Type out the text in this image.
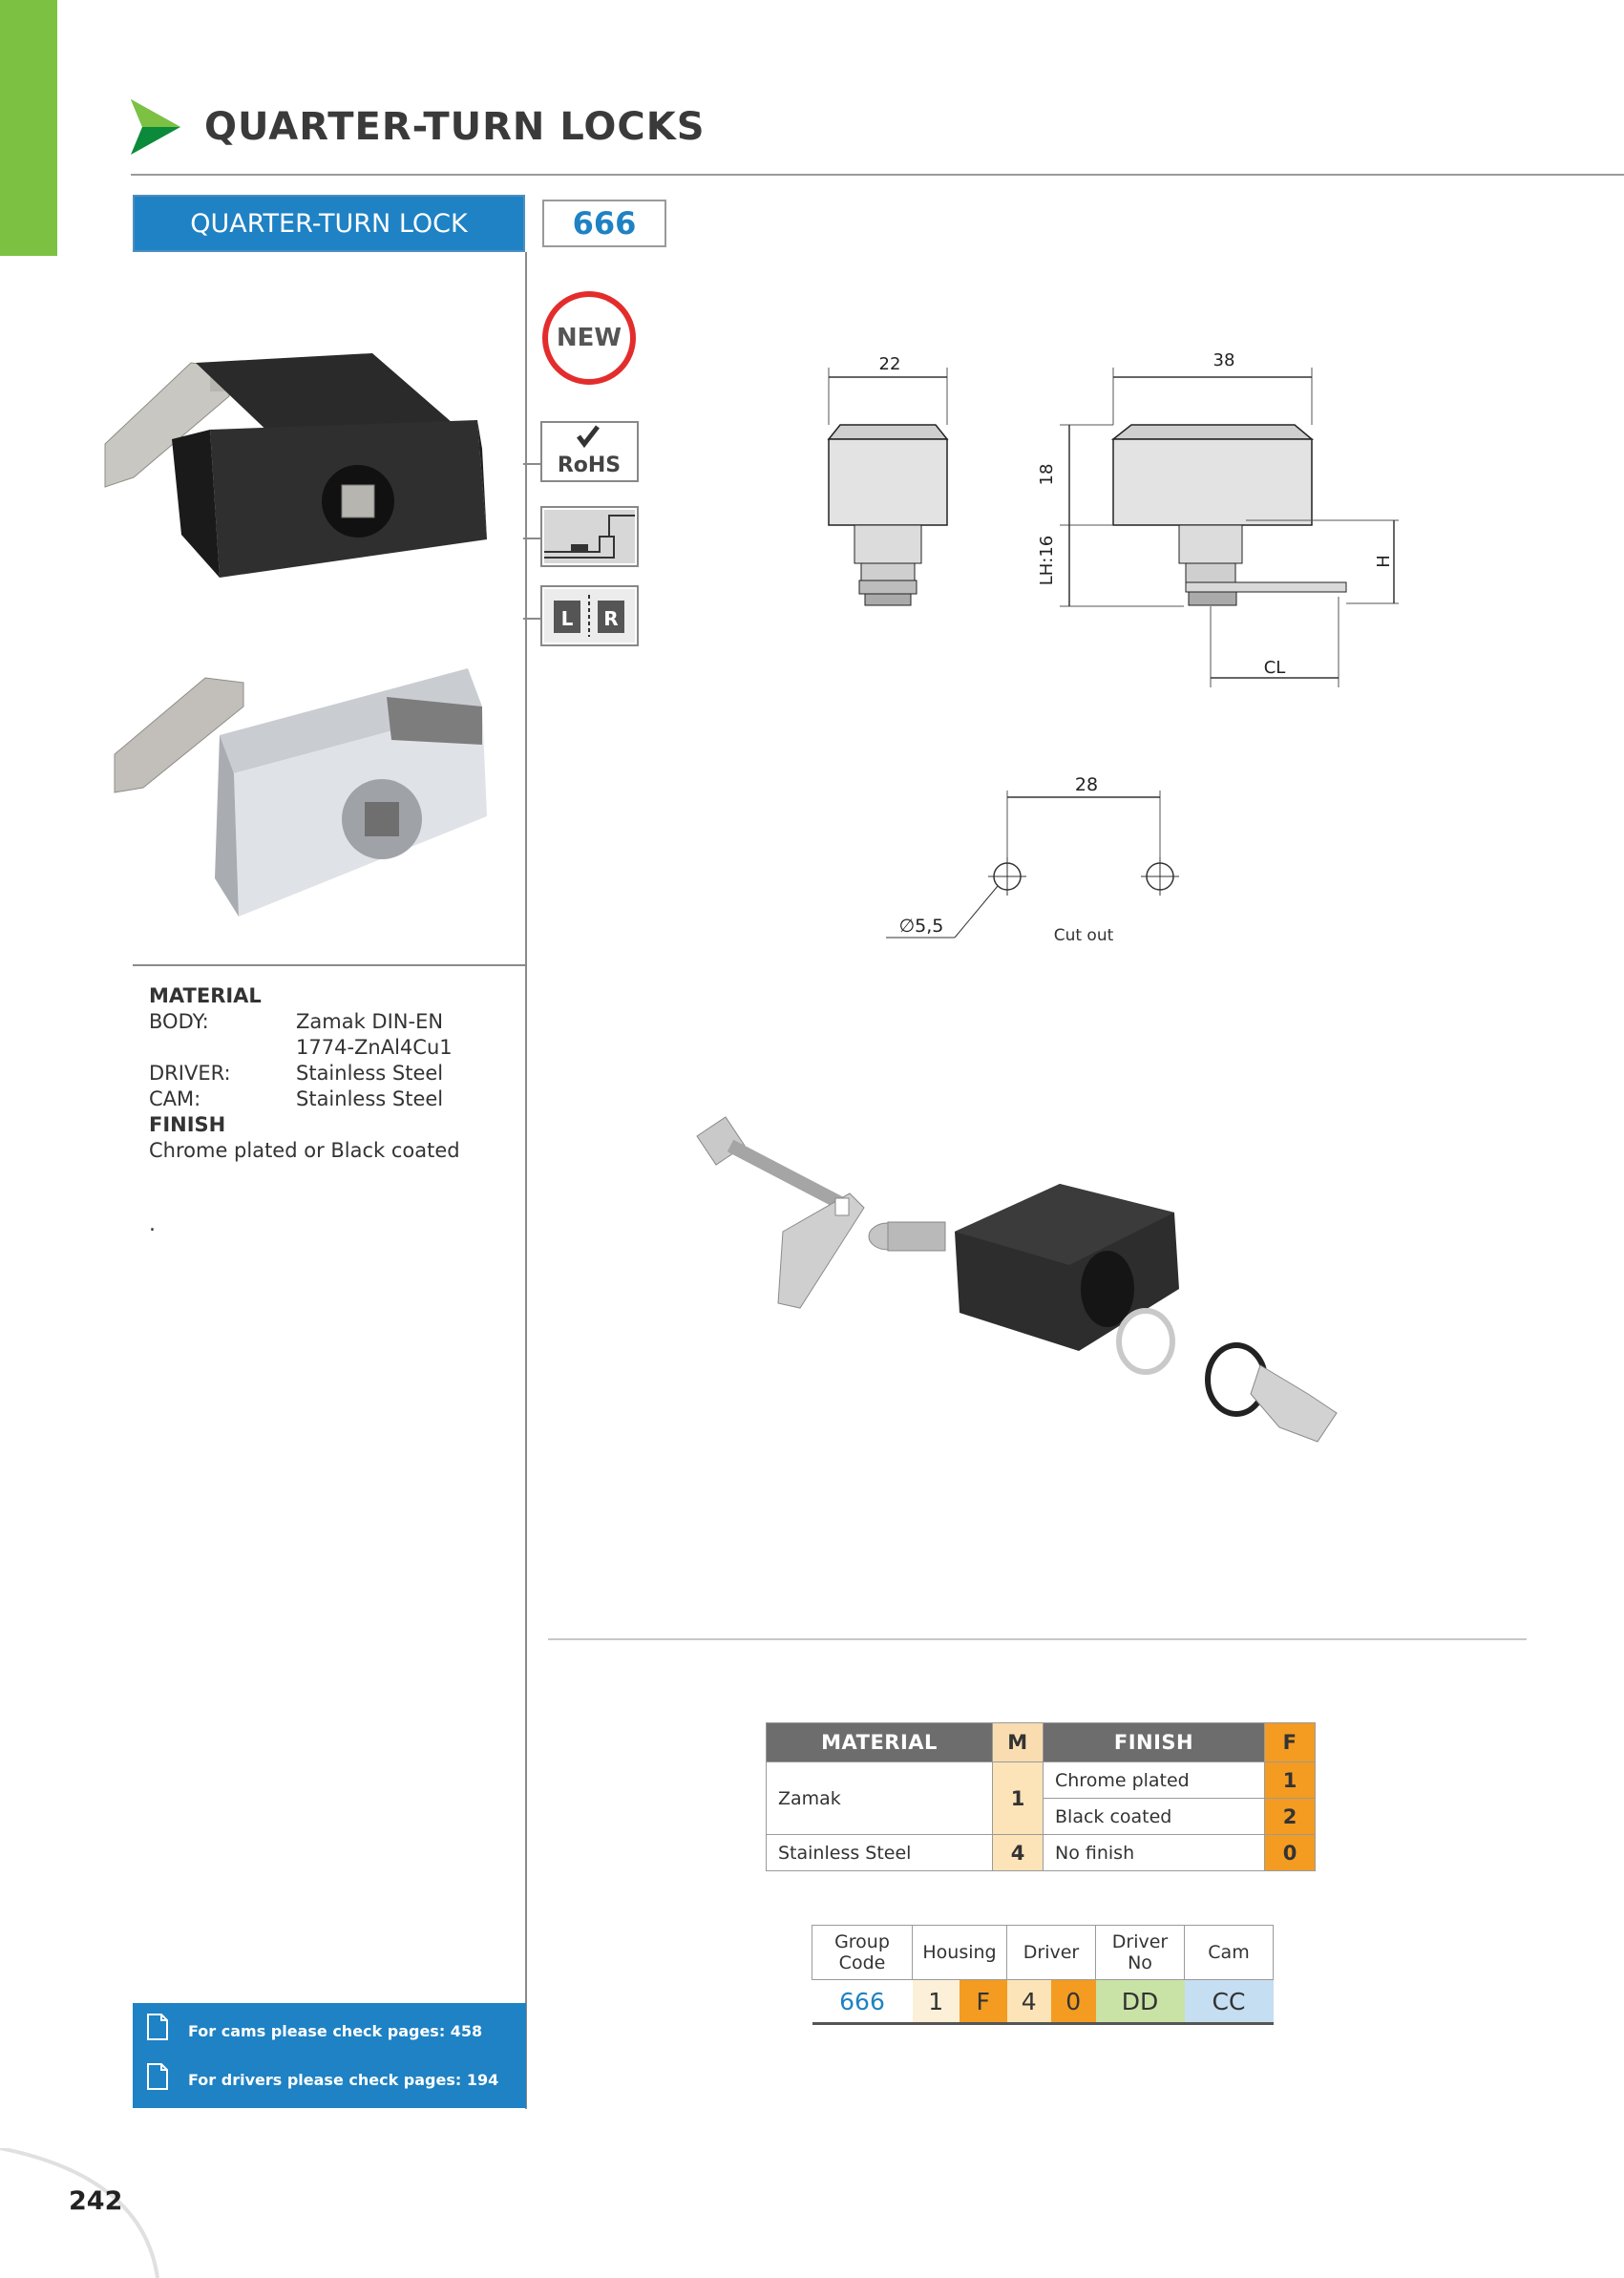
QUARTER-TURN LOCKS
QUARTER-TURN LOCK	666
NEW
RoHS
L R
MATERIAL
BODY:	Zamak DIN-EN 1774-ZnAl4Cu1
DRIVER:	Stainless Steel
CAM:	Stainless Steel
FINISH
Chrome plated or Black coated
.
For cams please check pages: 458
For drivers please check pages: 194
22	38
18
LH:16	H
CL
28
∅5,5	Cut out
MATERIAL	M	FINISH	F
Zamak	1	Chrome plated	1
		Black coated	2
Stainless Steel	4	No finish	0
Group Code	Housing		Driver		Driver No	Cam
666	1	F	4	0	DD	CC
242
